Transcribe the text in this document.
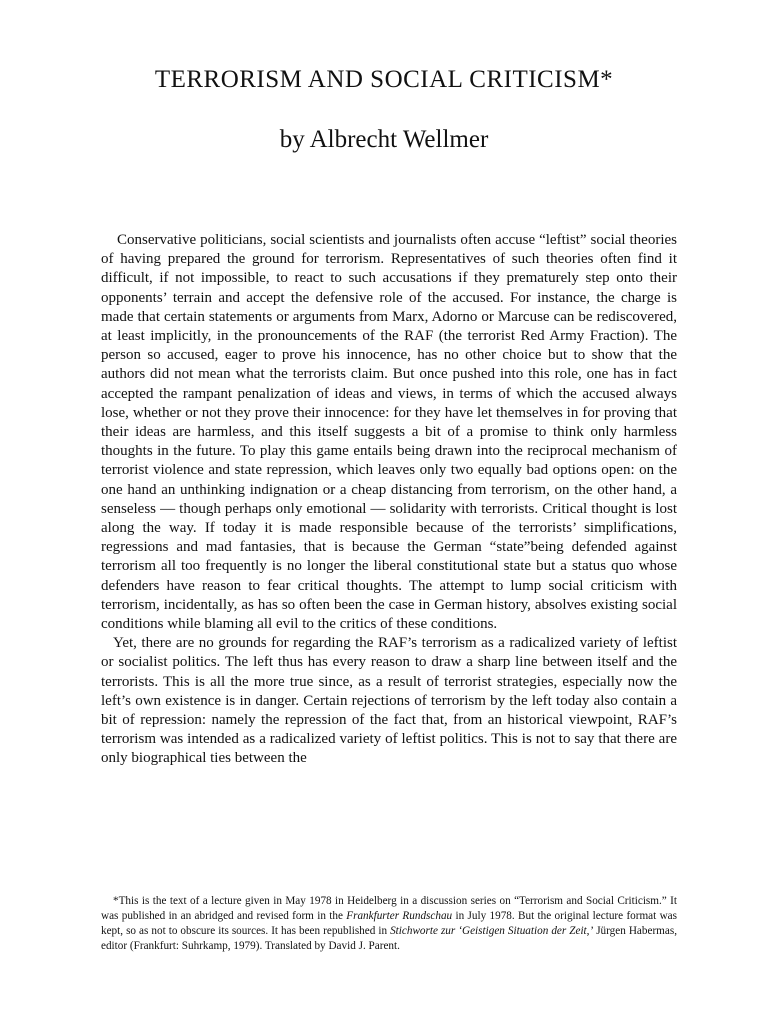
TERRORISM AND SOCIAL CRITICISM*
by Albrecht Wellmer

Conservative politicians, social scientists and journalists often accuse “leftist” social theories of having prepared the ground for terrorism. Representatives of such theories often find it difficult, if not impossible, to react to such accusations if they prematurely step onto their opponents’ terrain and accept the defensive role of the accused. For instance, the charge is made that certain statements or arguments from Marx, Adorno or Marcuse can be rediscovered, at least implicitly, in the pronouncements of the RAF (the terrorist Red Army Fraction). The person so accused, eager to prove his innocence, has no other choice but to show that the authors did not mean what the terrorists claim. But once pushed into this role, one has in fact accepted the rampant penalization of ideas and views, in terms of which the accused always lose, whether or not they prove their innocence: for they have let themselves in for proving that their ideas are harmless, and this itself suggests a bit of a promise to think only harmless thoughts in the future. To play this game entails being drawn into the reciprocal mechanism of terrorist violence and state repression, which leaves only two equally bad options open: on the one hand an unthinking indignation or a cheap distancing from terrorism, on the other hand, a senseless — though perhaps only emotional — solidarity with terrorists. Critical thought is lost along the way. If today it is made responsible because of the terrorists’ simplifications, regressions and mad fantasies, that is because the German “state”being defended against terrorism all too frequently is no longer the liberal constitutional state but a status quo whose defenders have reason to fear critical thoughts. The attempt to lump social criticism with terrorism, incidentally, as has so often been the case in German history, absolves existing social conditions while blaming all evil to the critics of these conditions.

Yet, there are no grounds for regarding the RAF’s terrorism as a radicalized variety of leftist or socialist politics. The left thus has every reason to draw a sharp line between itself and the terrorists. This is all the more true since, as a result of terrorist strategies, especially now the left’s own existence is in danger. Certain rejections of terrorism by the left today also contain a bit of repression: namely the repression of the fact that, from an historical viewpoint, RAF’s terrorism was intended as a radicalized variety of leftist politics. This is not to say that there are only biographical ties between the

*This is the text of a lecture given in May 1978 in Heidelberg in a discussion series on “Terrorism and Social Criticism.” It was published in an abridged and revised form in the Frankfurter Rundschau in July 1978. But the original lecture format was kept, so as not to obscure its sources. It has been republished in Stichworte zur ‘Geistigen Situation der Zeit,’ Jürgen Habermas, editor (Frankfurt: Suhrkamp, 1979). Translated by David J. Parent.
